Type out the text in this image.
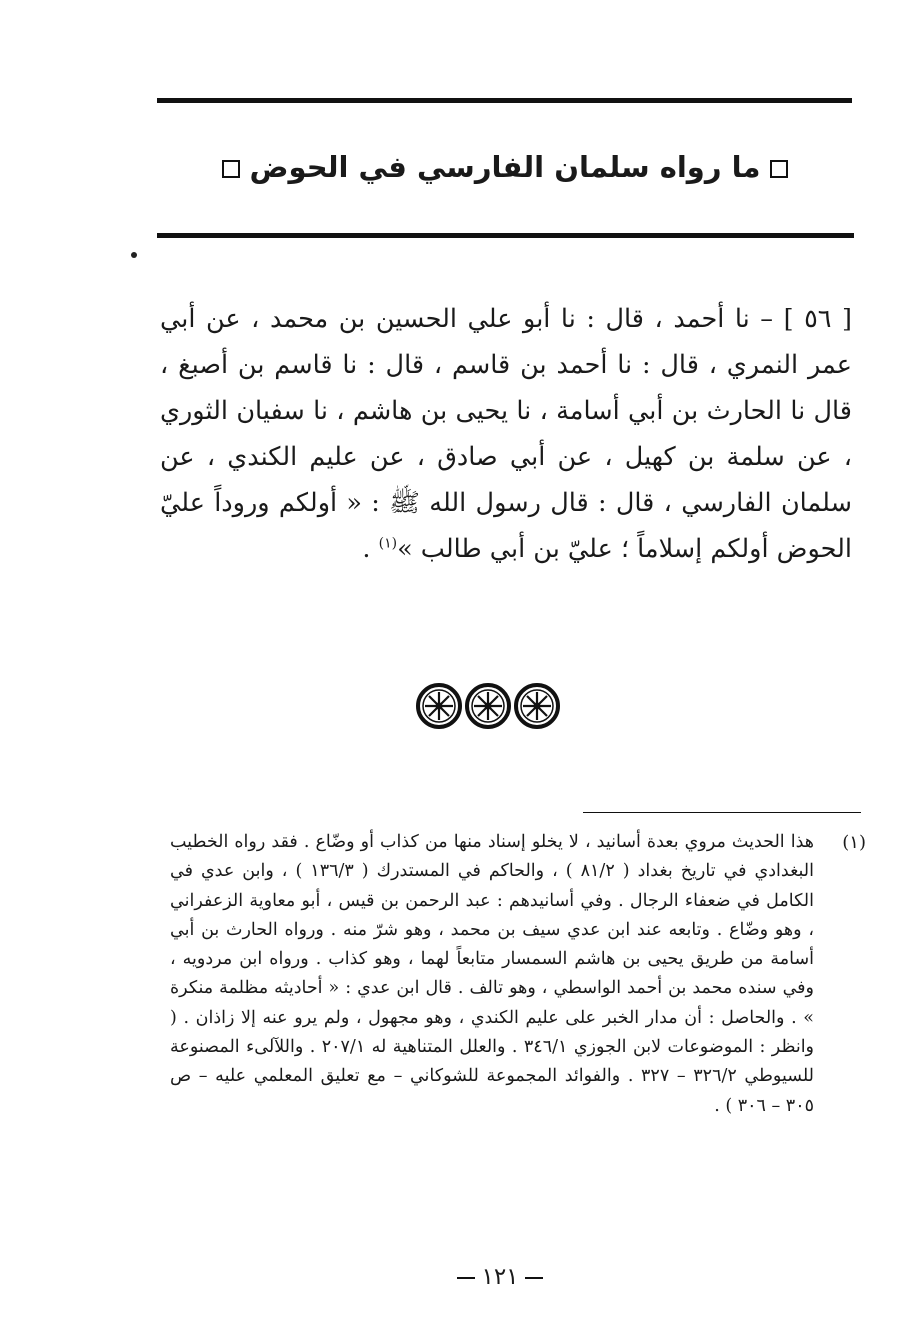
ما رواه سلمان الفارسي في الحوض
[ ٥٦ ] – نا أحمد ، قال : نا أبو علي الحسين بن محمد ، عن أبي عمر النمري ، قال : نا أحمد بن قاسم ، قال : نا قاسم بن أصبغ ، قال نا الحارث بن أبي أسامة ، نا يحيى بن هاشم ، نا سفيان الثوري ، عن سلمة بن كهيل ، عن أبي صادق ، عن عليم الكندي ، عن سلمان الفارسي ، قال : قال رسول الله ﷺ : « أولكم وروداً عليّ الحوض أولكم إسلاماً ؛ عليّ بن أبي طالب »$^{(١)}$ .
(١)
هذا الحديث مروي بعدة أسانيد ، لا يخلو إسناد منها من كذاب أو وضّاع . فقد رواه الخطيب البغدادي في تاريخ بغداد ( ٨١/٢ ) ، والحاكم في المستدرك ( ١٣٦/٣ ) ، وابن عدي في الكامل في ضعفاء الرجال . وفي أسانيدهم : عبد الرحمن بن قيس ، أبو معاوية الزعفراني ، وهو وضّاع . وتابعه عند ابن عدي سيف بن محمد ، وهو شرّ منه . ورواه الحارث بن أبي أسامة من طريق يحيى بن هاشم السمسار متابعاً لهما ، وهو كذاب . ورواه ابن مردويه ، وفي سنده محمد بن أحمد الواسطي ، وهو تالف . قال ابن عدي : « أحاديثه مظلمة منكرة » . والحاصل : أن مدار الخبر على عليم الكندي ، وهو مجهول ، ولم يرو عنه إلا زاذان . ( وانظر : الموضوعات لابن الجوزي ٣٤٦/١ . والعلل المتناهية له ٢٠٧/١ . واللآلىء المصنوعة للسيوطي ٣٢٦/٢ – ٣٢٧ . والفوائد المجموعة للشوكاني – مع تعليق المعلمي عليه – ص ٣٠٥ – ٣٠٦ ) .
١٢١
